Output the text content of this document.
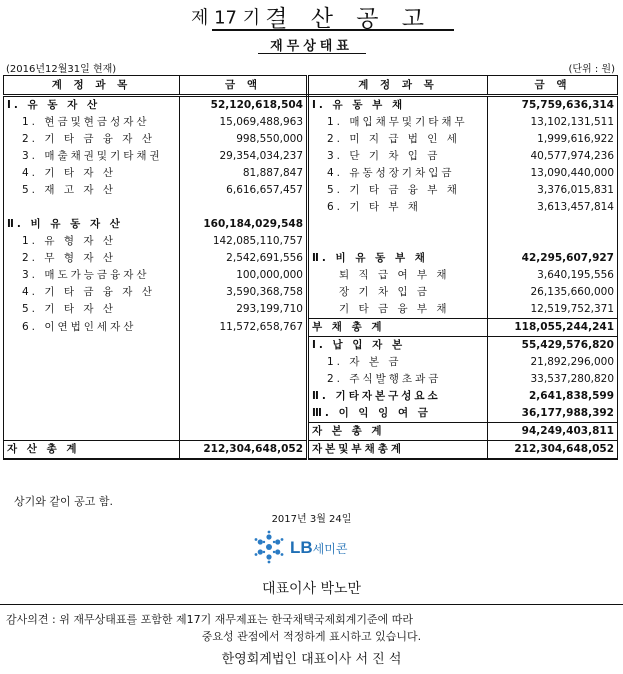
제 17 기 결 산 공 고
재무상태표
(2016년12월31일 현재)	(단위 : 원)
계 정 과 목	금 액	계 정 과 목	금 액
Ⅰ. 유 동 자 산	52,120,618,504	Ⅰ. 유 동 부 채	75,759,636,314
1. 현금및현금성자산	15,069,488,963	1. 매입채무및기타채무	13,102,131,511
2. 기 타 금 융 자 산	998,550,000	2. 미 지 급 법 인 세	1,999,616,922
3. 매출채권및기타채권	29,354,034,237	3. 단 기 차 입 금	40,577,974,236
4. 기 타 자 산	81,887,847	4. 유동성장기차입금	13,090,440,000
5. 재 고 자 산	6,616,657,457	5. 기 타 금 융 부 채	3,376,015,831
		6. 기 타 부 채	3,613,457,814
Ⅱ. 비 유 동 자 산	160,184,029,548		
1. 유 형 자 산	142,085,110,757		
2. 무 형 자 산	2,542,691,556	Ⅱ. 비 유 동 부 채	42,295,607,927
3. 매도가능금융자산	100,000,000	퇴 직 급 여 부 채	3,640,195,556
4. 기 타 금 융 자 산	3,590,368,758	장 기 차 입 금	26,135,660,000
5. 기 타 자 산	293,199,710	기 타 금 융 부 채	12,519,752,371
6. 이연법인세자산	11,572,658,767	부 채 총 계	118,055,244,241
		Ⅰ. 납 입 자 본	55,429,576,820
		1. 자 본 금	21,892,296,000
		2. 주식발행초과금	33,537,280,820
		Ⅱ. 기타자본구성요소	2,641,838,599
		Ⅲ. 이 익 잉 여 금	36,177,988,392
		자 본 총 계	94,249,403,811
자 산 총 계	212,304,648,052	자본및부채총계	212,304,648,052
상기와 같이 공고 함.
2017년 3월 24일
LB세미콘
대표이사 박노만
감사의견 : 위 재무상태표를 포함한 제17기 재무제표는 한국채택국제회계기준에 따라
중요성 관점에서 적정하게 표시하고 있습니다.
한영회계법인 대표이사 서 진 석
